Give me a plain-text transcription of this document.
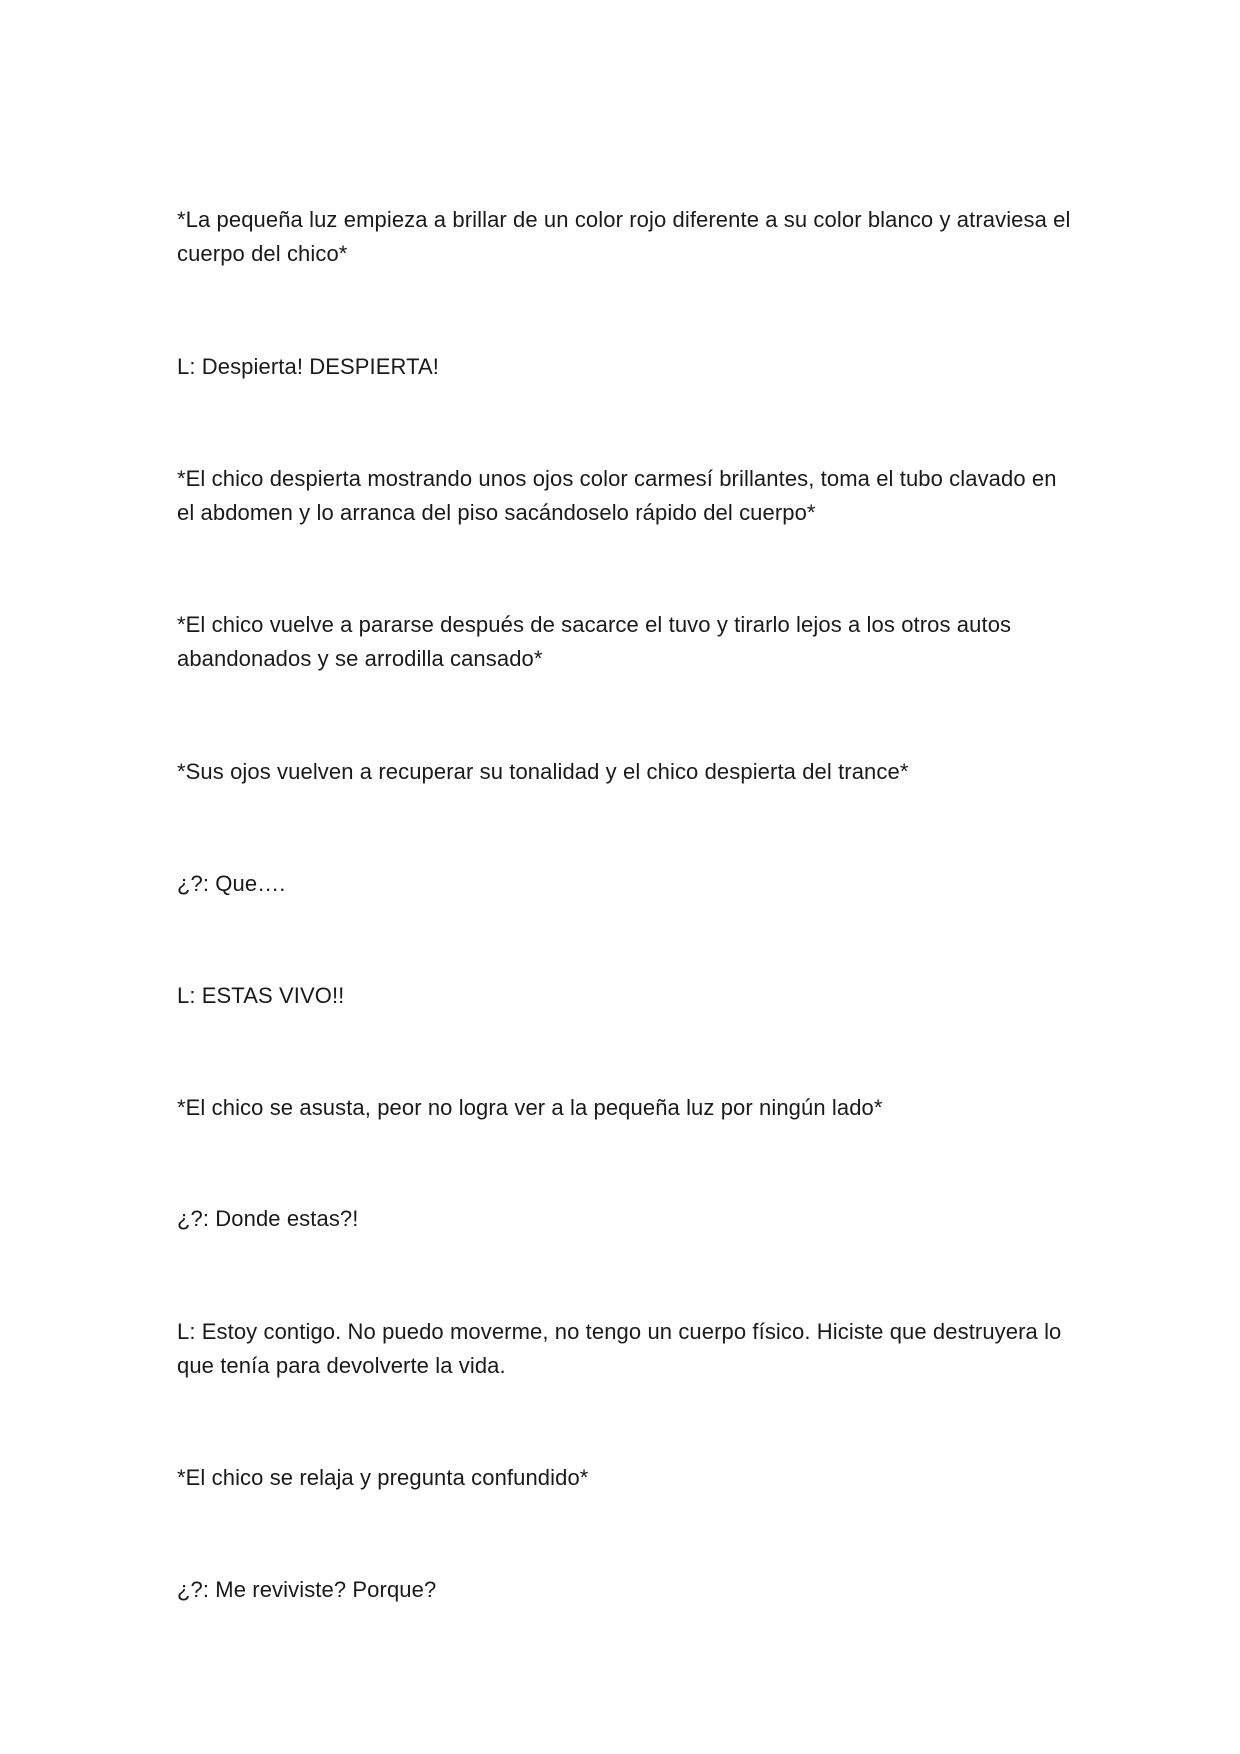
*La pequeña luz empieza a brillar de un color rojo diferente a su color blanco y atraviesa el cuerpo del chico*

L: Despierta! DESPIERTA!

*El chico despierta mostrando unos ojos color carmesí brillantes, toma el tubo clavado en el abdomen y lo arranca del piso sacándoselo rápido del cuerpo*

*El chico vuelve a pararse después de sacarce el tuvo y tirarlo lejos a los otros autos abandonados y se arrodilla cansado*

*Sus ojos vuelven a recuperar su tonalidad y el chico despierta del trance*

¿?: Que….

L: ESTAS VIVO!!

*El chico se asusta, peor no logra ver a la pequeña luz por ningún lado*

¿?: Donde estas?!

L: Estoy contigo. No puedo moverme, no tengo un cuerpo físico. Hiciste que destruyera lo que tenía para devolverte la vida.

*El chico se relaja y pregunta confundido*

¿?: Me reviviste? Porque?
